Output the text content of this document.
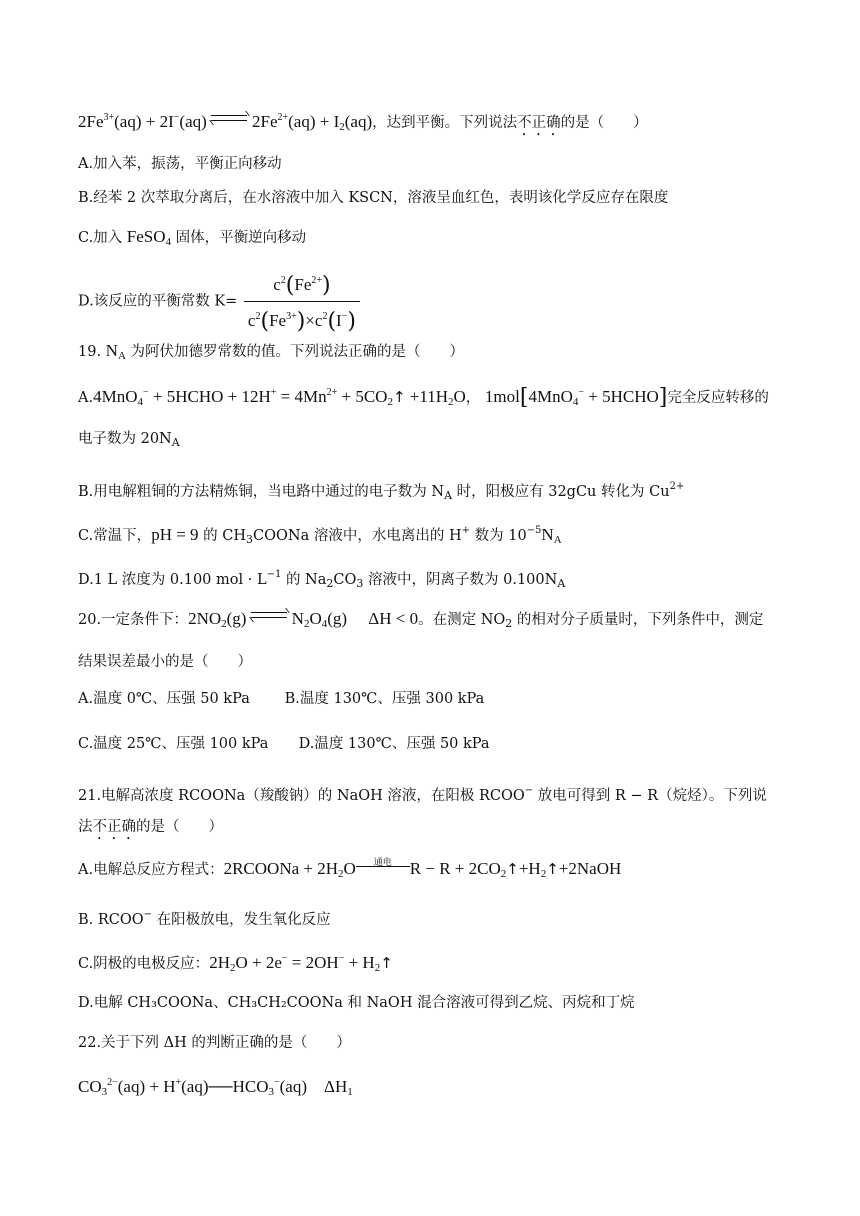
$2Fe^{3+}(aq) + 2I^-(aq)$	$2Fe^{2+}(aq) + I_2(aq)$，达到平衡。下列说法不正确的是（　　）
A.加入苯，振荡，平衡正向移动
B.经苯 2 次萃取分离后，在水溶液中加入 KSCN，溶液呈血红色，表明该化学反应存在限度
C.加入 FeSO$_4$ 固体，平衡逆向移动
D.该反应的平衡常数 $K= \frac{c^2(Fe^{2+})}{c^2(Fe^{3+})\times c^2(I^-)}$
19. $N_A$ 为阿伏加德罗常数的值。下列说法正确的是（　　）
A.4MnO$_4$− + 5HCHO + $12H^+ = 4Mn^{2+}$ + $5CO_2↑ +11H_2O$， 1mol[4MnO$_4$− + 5HCHO]完全反应转移的
电子数为 $20N_A$
B.用电解粗铜的方法精炼铜，当电路中通过的电子数为 $N_A$ 时，阳极应有 32gCu 转化为 $Cu^{2+}$
C.常温下，pH = 9 的 $CH_3COONa$ 溶液中，水电离出的 H+ 数为 $10^{-5}N_A$
D.1 L 浓度为 0.100 mol · $L^{-1}$ 的 $Na_2CO_3$ 溶液中，阴离子数为 $0.100N_A$
20.一定条件下：$2NO_2(g)$	$N_2O_4(g)$     ΔH < 0。在测定 $NO_2$ 的相对分子质量时，下列条件中，测定
结果误差最小的是（　　）
A.温度 0℃、压强 50 kPa B.温度 130℃、压强 300 kPa
C.温度 25℃、压强 100 kPa D.温度 130℃、压强 50 kPa
21.电解高浓度 RCOONa（羧酸钠）的 NaOH 溶液，在阳极 RCOO− 放电可得到 R − R（烷烃）。下列说
法不正确的是（　　）
A.电解总反应方程式：2RCOONa + $2H_2O$	通电	$R - R + 2CO_2↑+H_2↑+2NaOH$
B. RCOO− 在阳极放电，发生氧化反应
C.阴极的电极反应：$2H_2O + 2e^- = 2OH^-$ + $H_2↑$
D.电解 CH₃COONa、CH₃CH₂COONa 和 NaOH 混合溶液可得到乙烷、丙烷和丁烷
22.关于下列 ΔH 的判断正确的是（　　）
$CO_3^{2-}(aq)$ + $H^+(aq)──HCO_3^-(aq)$    $\Delta H_1$
